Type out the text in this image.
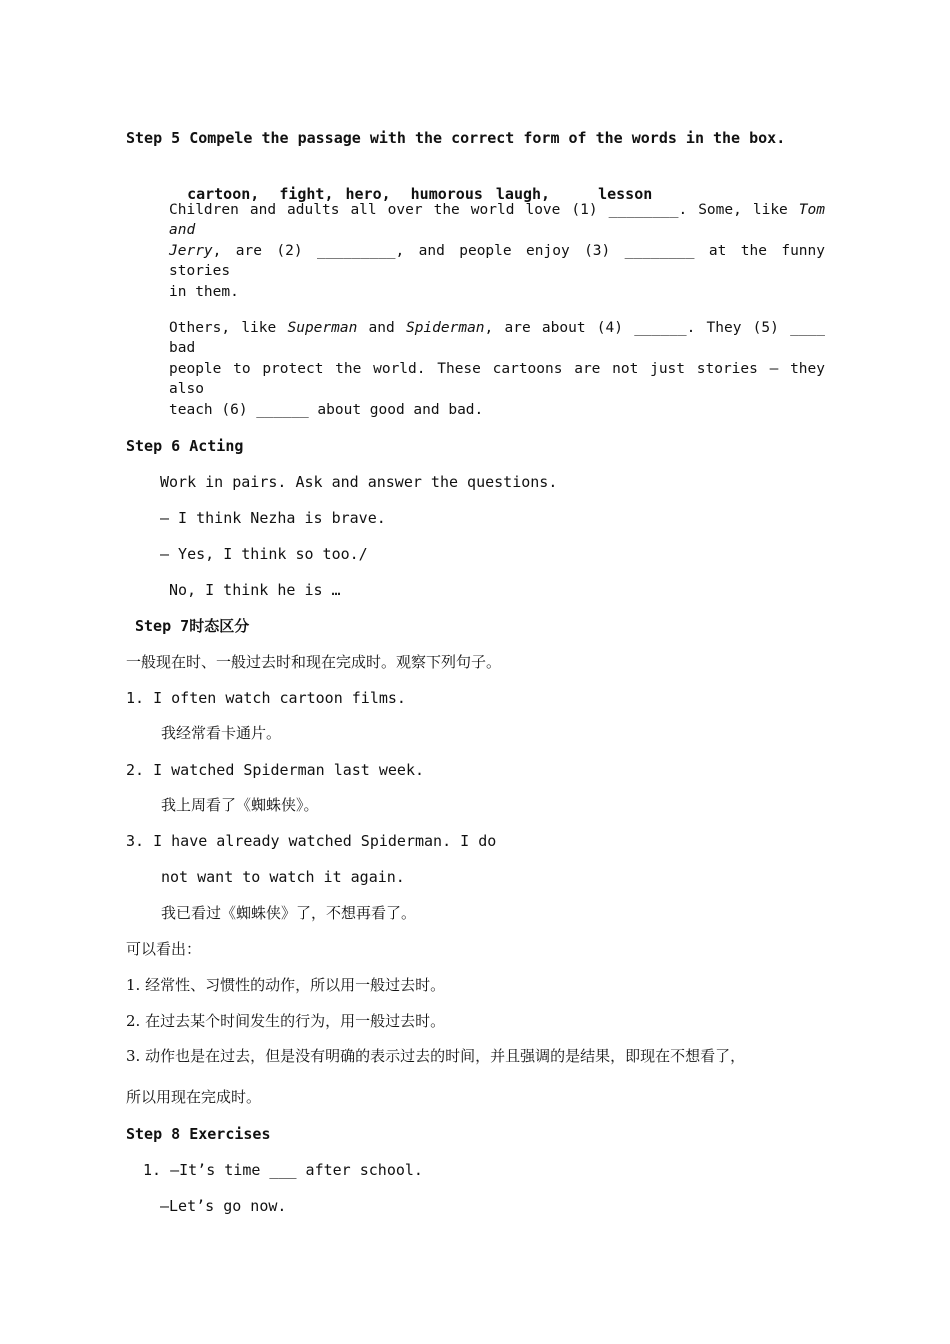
Step 5 Compele the passage with the correct form of the words in the box.

cartoon, fight, hero, humorous laugh,	lesson

Children and adults all over the world love (1) ________. Some, like Tom and
Jerry, are (2) _________, and people enjoy (3) ________ at the funny stories
in them.
Others, like Superman and Spiderman, are about (4) ______. They (5) ____ bad
people to protect the world. These cartoons are not just stories — they also
teach (6) ______ about good and bad.
Step 6 Acting
Work in pairs. Ask and answer the questions.
— I think Nezha is brave.
— Yes, I think so too./
No, I think he is …
Step 7时态区分
一般现在时、一般过去时和现在完成时。观察下列句子。
1. I often watch cartoon films.
我经常看卡通片。
2. I watched Spiderman last week.
我上周看了《蜘蛛侠》。
3. I have already watched Spiderman. I do
not want to watch it again.
我已看过《蜘蛛侠》了，不想再看了。
可以看出：
1. 经常性、习惯性的动作，所以用一般过去时。
2. 在过去某个时间发生的行为，用一般过去时。
3. 动作也是在过去，但是没有明确的表示过去的时间，并且强调的是结果，即现在不想看了，
所以用现在完成时。
Step 8 Exercises
1. —It’s time ___ after school.
—Let’s go now.
